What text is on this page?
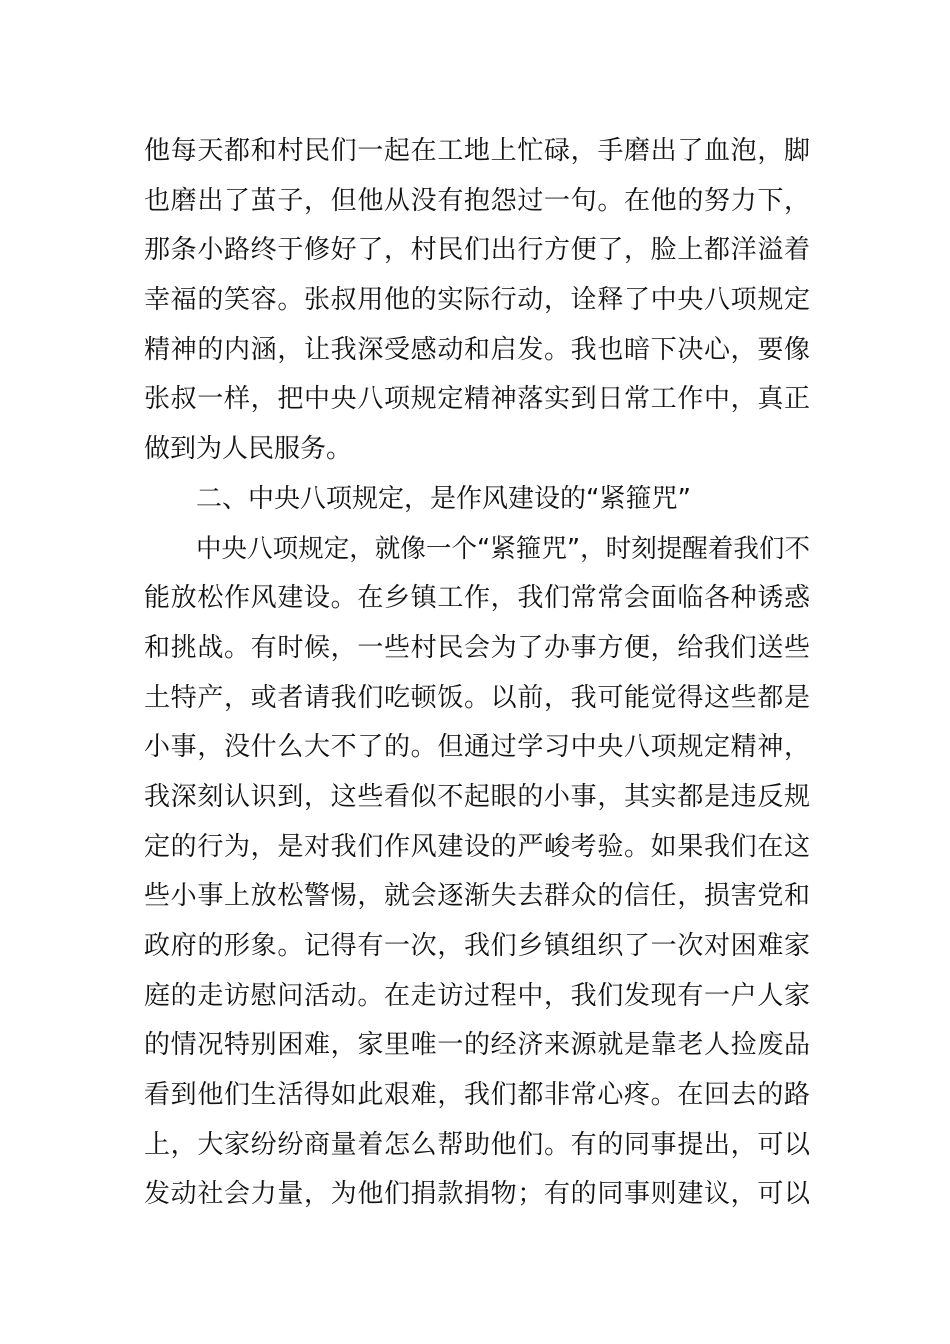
他每天都和村民们一起在工地上忙碌，手磨出了血泡，脚
也磨出了茧子，但他从没有抱怨过一句。在他的努力下，
那条小路终于修好了，村民们出行方便了，脸上都洋溢着
幸福的笑容。张叔用他的实际行动，诠释了中央八项规定
精神的内涵，让我深受感动和启发。我也暗下决心，要像
张叔一样，把中央八项规定精神落实到日常工作中，真正
做到为人民服务。
二、中央八项规定，是作风建设的“紧箍咒”
中央八项规定，就像一个“紧箍咒”，时刻提醒着我们不
能放松作风建设。在乡镇工作，我们常常会面临各种诱惑
和挑战。有时候，一些村民会为了办事方便，给我们送些
土特产，或者请我们吃顿饭。以前，我可能觉得这些都是
小事，没什么大不了的。但通过学习中央八项规定精神，
我深刻认识到，这些看似不起眼的小事，其实都是违反规
定的行为，是对我们作风建设的严峻考验。如果我们在这
些小事上放松警惕，就会逐渐失去群众的信任，损害党和
政府的形象。记得有一次，我们乡镇组织了一次对困难家
庭的走访慰问活动。在走访过程中，我们发现有一户人家
的情况特别困难，家里唯一的经济来源就是靠老人捡废品
看到他们生活得如此艰难，我们都非常心疼。在回去的路
上，大家纷纷商量着怎么帮助他们。有的同事提出，可以
发动社会力量，为他们捐款捐物；有的同事则建议，可以
